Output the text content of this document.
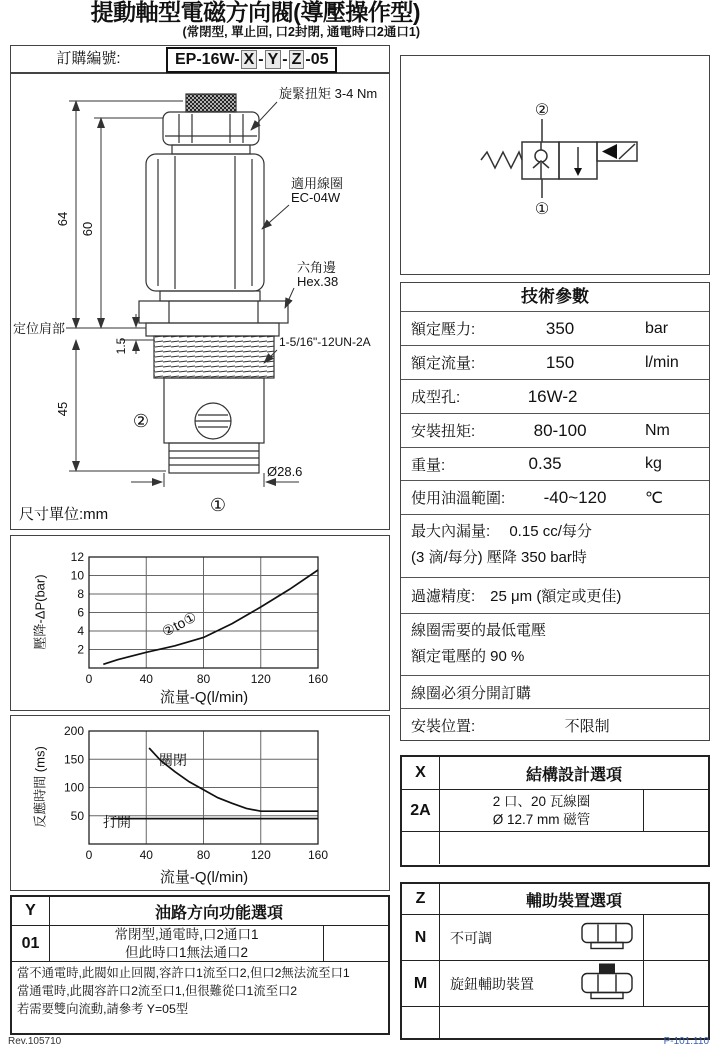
提動軸型電磁方向閥(導壓操作型)
(常閉型, 單止回, 口2封閉, 通電時口2通口1)
訂購編號:	EP-16W- X - Y - Z -05
64
60
1.5
45
定位肩部
旋緊扭矩 3-4 Nm
適用線圈
EC-04W
六角邊
Hex.38
1-5/16"-12UN-2A
Ø28.6
②
①
尺寸單位:mm
②
①
技術參數
額定壓力:	350	bar
額定流量:	150	l/min
成型孔:	16W-2
安裝扭矩:	80-100	Nm
重量:	0.35	kg
使用油溫範圍:	-40~120	℃
最大內漏量:　 0.15 cc/每分
(3 滴/每分) 壓降 350 bar時
過濾精度:　25 μm (額定或更佳)
線圈需要的最低電壓
額定電壓的 90 %
線圈必須分開訂購
安裝位置:	不限制
2
4
6
8
10
12
0	40	80	120	160
壓降-ΔP(bar)
流量-Q(l/min)
②to①
50
100
150
200
0	40	80	120	160
反應時間 (ms)
流量-Q(l/min)
關閉
打開
X	結構設計選項
2A
2 口、20 瓦線圈
Ø 12.7 mm 磁管
Y	油路方向功能選項
01
常閉型,通電時,口2通口1
但此時口1無法通口2
當不通電時,此閥如止回閥,容許口1流至口2,但口2無法流至口1
當通電時,此閥容許口2流至口1,但很難從口1流至口2
若需要雙向流動,請參考 Y=05型
Z	輔助裝置選項
N	不可調
M	旋鈕輔助裝置
Rev.105710	P-101.110
